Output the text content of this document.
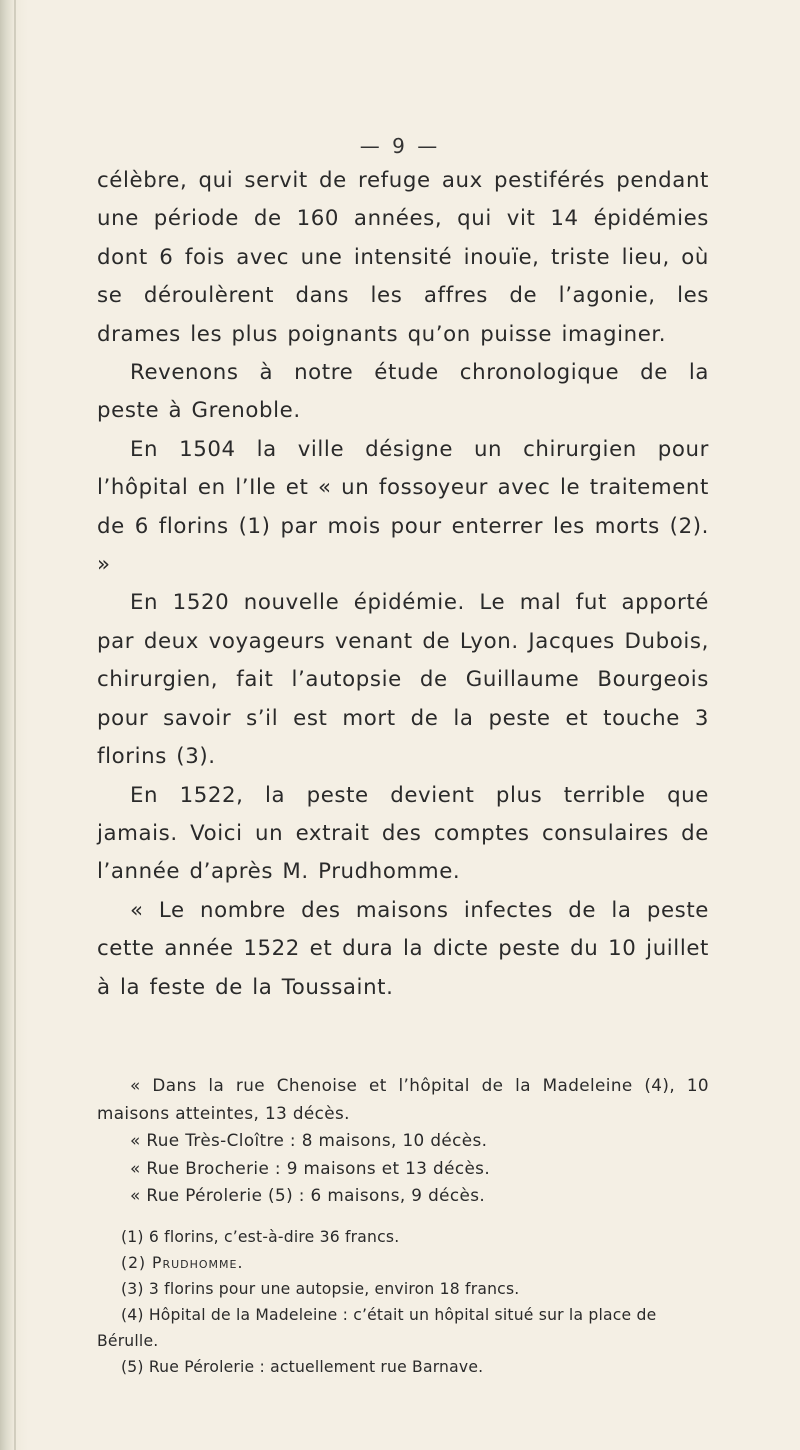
— 9 —

célèbre, qui servit de refuge aux pestiférés pendant une période de 160 années, qui vit 14 épidémies dont 6 fois avec une intensité inouïe, triste lieu, où se déroulèrent dans les affres de l’agonie, les drames les plus poignants qu’on puisse imaginer.

Revenons à notre étude chronologique de la peste à Grenoble.

En 1504 la ville désigne un chirurgien pour l’hôpital en l’Ile et « un fossoyeur avec le traitement de 6 florins (1) par mois pour enterrer les morts (2). »

En 1520 nouvelle épidémie. Le mal fut apporté par deux voyageurs venant de Lyon. Jacques Dubois, chirurgien, fait l’autopsie de Guillaume Bourgeois pour savoir s’il est mort de la peste et touche 3 florins (3).

En 1522, la peste devient plus terrible que jamais. Voici un extrait des comptes consulaires de l’année d’après M. Prudhomme.

« Le nombre des maisons infectes de la peste cette année 1522 et dura la dicte peste du 10 juillet à la feste de la Toussaint.

« Dans la rue Chenoise et l’hôpital de la Madeleine (4), 10 maisons atteintes, 13 décès.

« Rue Très-Cloître : 8 maisons, 10 décès.

« Rue Brocherie : 9 maisons et 13 décès.

« Rue Pérolerie (5) : 6 maisons, 9 décès.

(1) 6 florins, c’est-à-dire 36 francs.

(2) Prudhomme.

(3) 3 florins pour une autopsie, environ 18 francs.

(4) Hôpital de la Madeleine : c’était un hôpital situé sur la place de Bérulle.

(5) Rue Pérolerie : actuellement rue Barnave.
